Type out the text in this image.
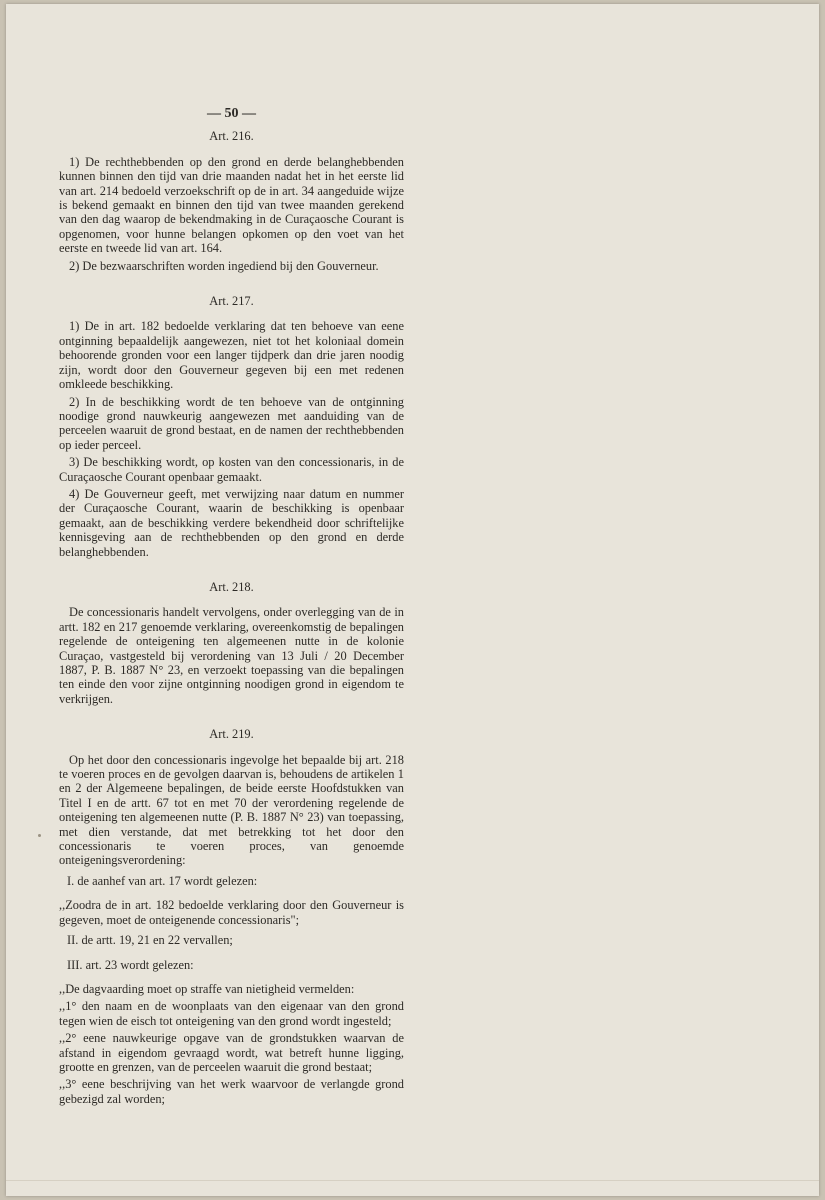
— 50 —
Art. 216.

1) De rechthebbenden op den grond en derde belanghebbenden kunnen binnen den tijd van drie maanden nadat het in het eerste lid van art. 214 bedoeld verzoekschrift op de in art. 34 aangeduide wijze is bekend gemaakt en binnen den tijd van twee maanden gerekend van den dag waarop de bekendmaking in de Curaçaosche Courant is opgenomen, voor hunne belangen opkomen op den voet van het eerste en tweede lid van art. 164.

2) De bezwaarschriften worden ingediend bij den Gouverneur.

Art. 217.

1) De in art. 182 bedoelde verklaring dat ten behoeve van eene ontginning bepaaldelijk aangewezen, niet tot het koloniaal domein behoorende gronden voor een langer tijdperk dan drie jaren noodig zijn, wordt door den Gouverneur gegeven bij een met redenen omkleede beschikking.

2) In de beschikking wordt de ten behoeve van de ontginning noodige grond nauwkeurig aangewezen met aanduiding van de perceelen waaruit de grond bestaat, en de namen der rechthebbenden op ieder perceel.

3) De beschikking wordt, op kosten van den concessionaris, in de Curaçaosche Courant openbaar gemaakt.

4) De Gouverneur geeft, met verwijzing naar datum en nummer der Curaçaosche Courant, waarin de beschikking is openbaar gemaakt, aan de beschikking verdere bekendheid door schriftelijke kennisgeving aan de rechthebbenden op den grond en derde belanghebbenden.

Art. 218.

De concessionaris handelt vervolgens, onder overlegging van de in artt. 182 en 217 genoemde verklaring, overeenkomstig de bepalingen regelende de onteigening ten algemeenen nutte in de kolonie Curaçao, vastgesteld bij verordening van 13 Juli / 20 December 1887, P. B. 1887 N° 23, en verzoekt toepassing van die bepalingen ten einde den voor zijne ontginning noodigen grond in eigendom te verkrijgen.

Art. 219.

Op het door den concessionaris ingevolge het bepaalde bij art. 218 te voeren proces en de gevolgen daarvan is, behoudens de artikelen 1 en 2 der Algemeene bepalingen, de beide eerste Hoofdstukken van Titel I en de artt. 67 tot en met 70 der verordening regelende de onteigening ten algemeenen nutte (P. B. 1887 N° 23) van toepassing, met dien verstande, dat met betrekking tot het door den concessionaris te voeren proces, van genoemde onteigeningsverordening:

I. de aanhef van art. 17 wordt gelezen:

,,Zoodra de in art. 182 bedoelde verklaring door den Gouverneur is gegeven, moet de onteigenende concessionaris";

II. de artt. 19, 21 en 22 vervallen;

III. art. 23 wordt gelezen:

,,De dagvaarding moet op straffe van nietigheid vermelden:

,,1° den naam en de woonplaats van den eigenaar van den grond tegen wien de eisch tot onteigening van den grond wordt ingesteld;

,,2° eene nauwkeurige opgave van de grondstukken waarvan de afstand in eigendom gevraagd wordt, wat betreft hunne ligging, grootte en grenzen, van de perceelen waaruit die grond bestaat;

,,3° eene beschrijving van het werk waarvoor de verlangde grond gebezigd zal worden;
